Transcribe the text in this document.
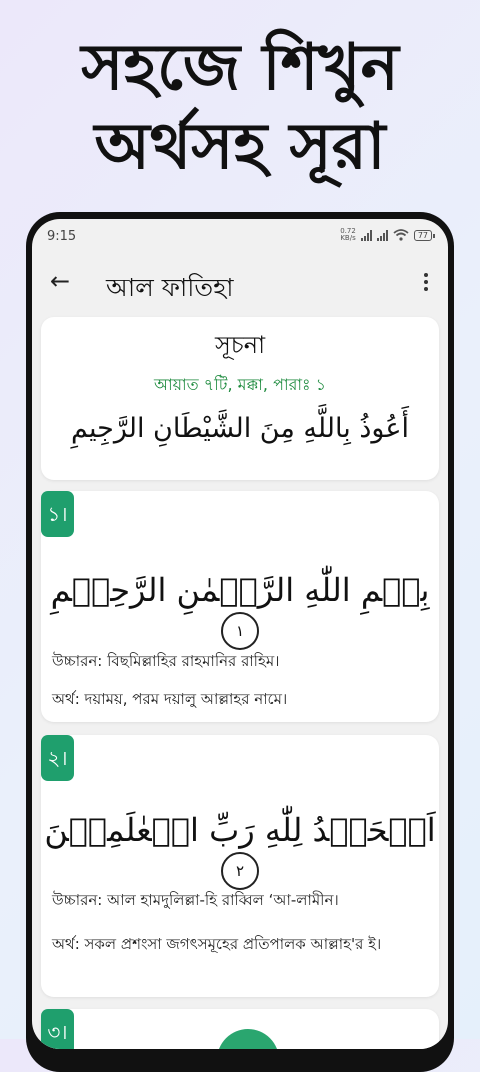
সহজে শিখুন
অর্থসহ সূরা
9:15	0.72
KB/s	77
← আল ফাতিহা
সূচনা
আয়াত ৭টি, মক্কা, পারাঃ ১
أَعُوذُ بِاللَّهِ مِنَ الشَّيْطَانِ الرَّجِيمِ
১।
بِسۡمِ اللّٰهِ الرَّحۡمٰنِ الرَّحِیۡمِ ١
উচ্চারন: বিছমিল্লাহির রাহমানির রাহিম।
অর্থ: দয়াময়, পরম দয়ালু আল্লাহর নামে।
২।
اَلۡحَمۡدُ لِلّٰهِ رَبِّ الۡعٰلَمِیۡنَ ٢
উচ্চারন: আল হামদুলিল্লা-হি রাব্বিল ‘আ-লামীন।
অর্থ: সকল প্রশংসা জগৎসমূহের প্রতিপালক আল্লাহ'র ই।
৩।
